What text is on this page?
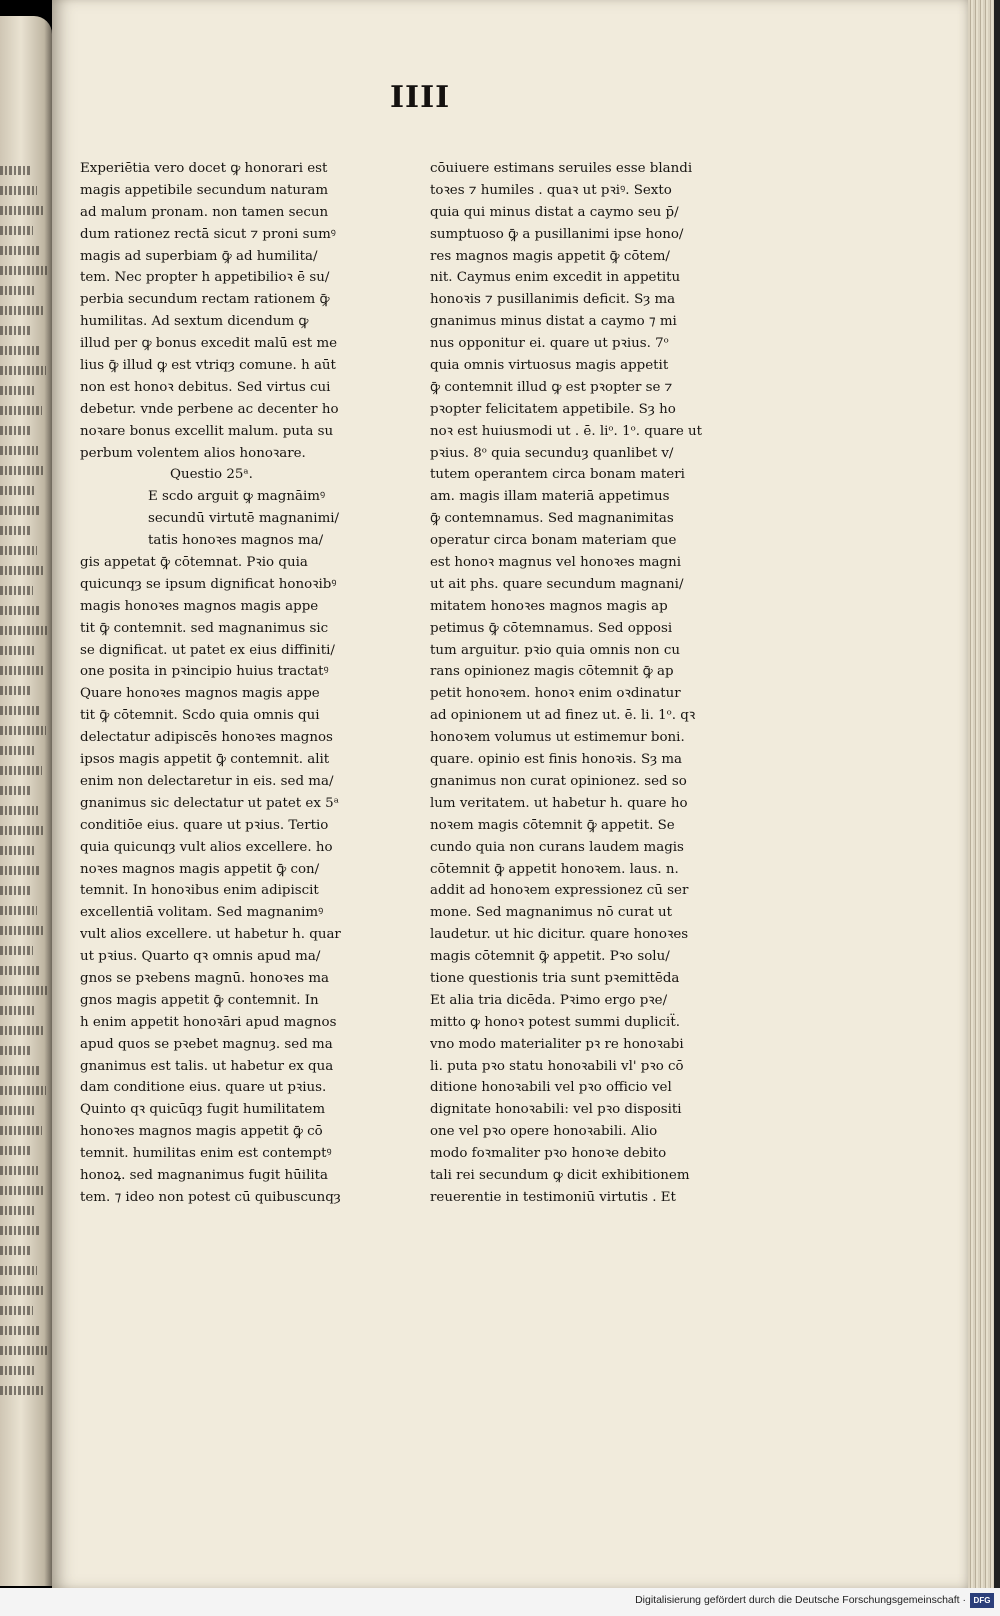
IIII
Experiētia vero docet ꝙ honorari est
magis appetibile secundum naturam
ad malum pronam. non tamen secun
dum rationez rectā sicut ⁊ proni sumꝰ
magis ad superbiam ꝙ̄ ad humilita/
tem. Nec propter h appetibilioꝛ ē su/
perbia secundum rectam rationem ꝙ̄
humilitas. Ad sextum dicendum ꝙ
illud per ꝙ bonus excedit malū est me
lius ꝙ̄ illud ꝙ est vtriqȝ comune. h aūt
non est honoꝛ debitus. Sed virtus cui
debetur. vnde perbene ac decenter ho
noꝛare bonus excellit malum. puta su
perbum volentem alios honoꝛare.
Questio 25ᵃ.
E scdo arguit ꝙ magnāimꝰ
secundū virtutē magnanimi/
tatis honoꝛes magnos ma/
gis appetat ꝙ̄ cōtemnat. Pꝛio quia
quicunqȝ se ipsum dignificat honoꝛibꝰ
magis honoꝛes magnos magis appe
tit ꝙ̄ contemnit. sed magnanimus sic
se dignificat. ut patet ex eius diffiniti/
one posita in pꝛincipio huius tractatꝰ
Quare honoꝛes magnos magis appe
tit ꝙ̄ cōtemnit. Scdo quia omnis qui
delectatur adipiscēs honoꝛes magnos
ipsos magis appetit ꝙ̄ contemnit. alit
enim non delectaretur in eis. sed ma/
gnanimus sic delectatur ut patet ex 5ᵃ
conditiōe eius. quare ut pꝛius. Tertio
quia quicunqȝ vult alios excellere. ho
noꝛes magnos magis appetit ꝙ̄ con/
temnit. In honoꝛibus enim adipiscit
excellentiā volitam. Sed magnanimꝰ
vult alios excellere. ut habetur h. quar
ut pꝛius. Quarto qꝛ omnis apud ma/
gnos se pꝛebens magnū. honoꝛes ma
gnos magis appetit ꝙ̄ contemnit. In
h enim appetit honoꝛāri apud magnos
apud quos se pꝛebet magnuȝ. sed ma
gnanimus est talis. ut habetur ex qua
dam conditione eius. quare ut pꝛius.
Quinto qꝛ quicūqȝ fugit humilitatem
honoꝛes magnos magis appetit ꝙ̄ cō
temnit. humilitas enim est contemptꝰ
honoꝝ. sed magnanimus fugit hūilita
tem. ⁊ ideo non potest cū quibuscunqȝ
cōuiuere estimans seruiles esse blandi
toꝛes ⁊ humiles . quaꝛ ut pꝛiꝰ. Sexto
quia qui minus distat a caymo seu p̄/
sumptuoso ꝙ̄ a pusillanimi ipse hono/
res magnos magis appetit ꝙ̄ cōtem/
nit. Caymus enim excedit in appetitu
honoꝛis ⁊ pusillanimis deficit. Sȝ ma
gnanimus minus distat a caymo ⁊ mi
nus opponitur ei. quare ut pꝛius. 7ᵒ
quia omnis virtuosus magis appetit
ꝙ̄ contemnit illud ꝙ est pꝛopter se ⁊
pꝛopter felicitatem appetibile. Sȝ ho
noꝛ est huiusmodi ut . ē. liᵒ. 1ᵒ. quare ut
pꝛius. 8ᵒ quia secunduȝ quanlibet v/
tutem operantem circa bonam materi
am. magis illam materiā appetimus
ꝙ̄ contemnamus. Sed magnanimitas
operatur circa bonam materiam que
est honoꝛ magnus vel honoꝛes magni
ut ait phs. quare secundum magnani/
mitatem honoꝛes magnos magis ap
petimus ꝙ̄ cōtemnamus. Sed opposi
tum arguitur. pꝛio quia omnis non cu
rans opinionez magis cōtemnit ꝙ̄ ap
petit honoꝛem. honoꝛ enim oꝛdinatur
ad opinionem ut ad finez ut. ē. li. 1ᵒ. qꝛ
honoꝛem volumus ut estimemur boni.
quare. opinio est finis honoꝛis. Sȝ ma
gnanimus non curat opinionez. sed so
lum veritatem. ut habetur h. quare ho
noꝛem magis cōtemnit ꝙ̄ appetit. Se
cundo quia non curans laudem magis
cōtemnit ꝙ̄ appetit honoꝛem. laus. n.
addit ad honoꝛem expressionez cū ser
mone. Sed magnanimus nō curat ut
laudetur. ut hic dicitur. quare honoꝛes
magis cōtemnit ꝙ̄ appetit. Pꝛo solu/
tione questionis tria sunt pꝛemittēda
Et alia tria dicēda. Pꝛimo ergo pꝛe/
mitto ꝙ honoꝛ potest summi dupliciẗ.
vno modo materialiter pꝛ re honoꝛabi
li. puta pꝛo statu honoꝛabili vl' pꝛo cō
ditione honoꝛabili vel pꝛo officio vel
dignitate honoꝛabili: vel pꝛo dispositi
one vel pꝛo opere honoꝛabili. Alio
modo foꝛmaliter pꝛo honoꝛe debito
tali rei secundum ꝙ dicit exhibitionem
reuerentie in testimoniū virtutis . Et
Digitalisierung gefördert durch die Deutsche Forschungsgemeinschaft · DFG
